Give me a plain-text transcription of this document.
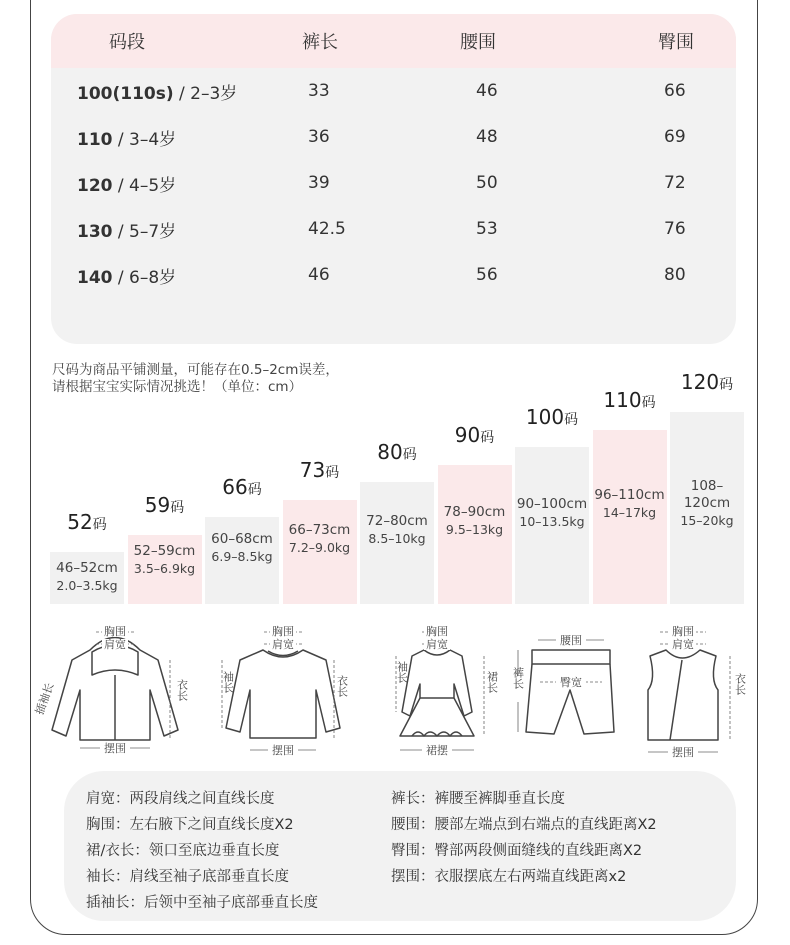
码段	裤长	腰围	臀围
100(110s) / 2–3岁	33	46	66
110 / 3–4岁	36	48	69
120 / 4–5岁	39	50	72
130 / 5–7岁	42.5	53	76
140 / 6–8岁	46	56	80
尺码为商品平铺测量，可能存在0.5–2cm误差，
请根据宝宝实际情况挑选！（单位：cm）
52码
46–52cm
2.0–3.5kg
59码
52–59cm
3.5–6.9kg
66码
60–68cm
6.9–8.5kg
73码
66–73cm
7.2–9.0kg
80码
72–80cm
8.5–10kg
90码
78–90cm
9.5–13kg
100码
90–100cm
10–13.5kg
110码
96–110cm
14–17kg
120码
108–120cm
15–20kg
胸围
肩宽
摆围
插袖长	衣长
胸围
肩宽
摆围
袖长	衣长
胸围
肩宽
裙摆
袖长	裙长
腰围
臀宽
裤长
胸围
肩宽
摆围
衣长
肩宽：两段肩线之间直线长度
胸围：左右腋下之间直线长度X2
裙/衣长：领口至底边垂直长度
袖长：肩线至袖子底部垂直长度
插袖长：后领中至袖子底部垂直长度
裤长：裤腰至裤脚垂直长度
腰围：腰部左端点到右端点的直线距离X2
臀围：臀部两段侧面缝线的直线距离X2
摆围：衣服摆底左右两端直线距离x2
